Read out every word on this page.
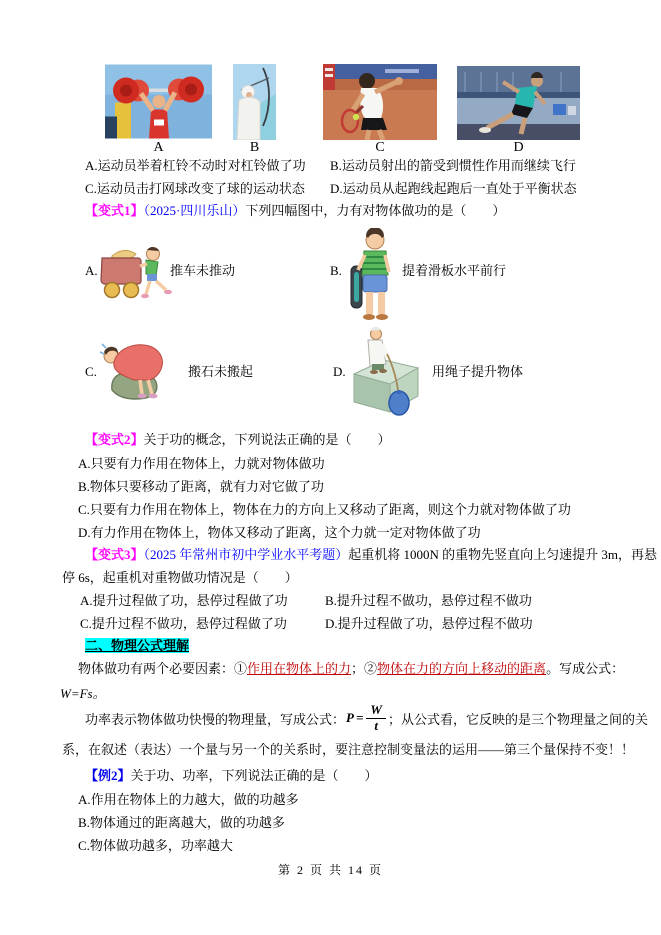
A	B	C	D
A.运动员举着杠铃不动时对杠铃做了功 B.运动员射出的箭受到惯性作用而继续飞行
C.运动员击打网球改变了球的运动状态 D.运动员从起跑线起跑后一直处于平衡状态
【变式1】（2025·四川乐山）下列四幅图中，力有对物体做功的是（　　）
A.	推车未推动	B.	提着滑板水平前行
C.	搬石未搬起	D.	用绳子提升物体
【变式2】关于功的概念，下列说法正确的是（　　）
A.只要有力作用在物体上，力就对物体做功
B.物体只要移动了距离，就有力对它做了功
C.只要有力作用在物体上，物体在力的方向上又移动了距离，则这个力就对物体做了功
D.有力作用在物体上，物体又移动了距离，这个力就一定对物体做了功
【变式3】（2025 年常州市初中学业水平考题）起重机将 1000N 的重物先竖直向上匀速提升 3m，再悬
停 6s，起重机对重物做功情况是（　　）
A.提升过程做了功，悬停过程做了功	B.提升过程不做功，悬停过程不做功
C.提升过程不做功，悬停过程做了功	D.提升过程做了功，悬停过程不做功
二、物理公式理解
物体做功有两个必要因素：①作用在物体上的力；②物体在力的方向上移动的距离。写成公式：
W=Fs。
功率表示物体做功快慢的物理量，写成公式： $P = \frac{W}{t}$ ；从公式看，它反映的是三个物理量之间的关
系，在叙述（表达）一个量与另一个的关系时，要注意控制变量法的运用——第三个量保持不变！！
【例2】关于功、功率，下列说法正确的是（　　）
A.作用在物体上的力越大，做的功越多
B.物体通过的距离越大，做的功越多
C.物体做功越多，功率越大
第 2 页 共 14 页
